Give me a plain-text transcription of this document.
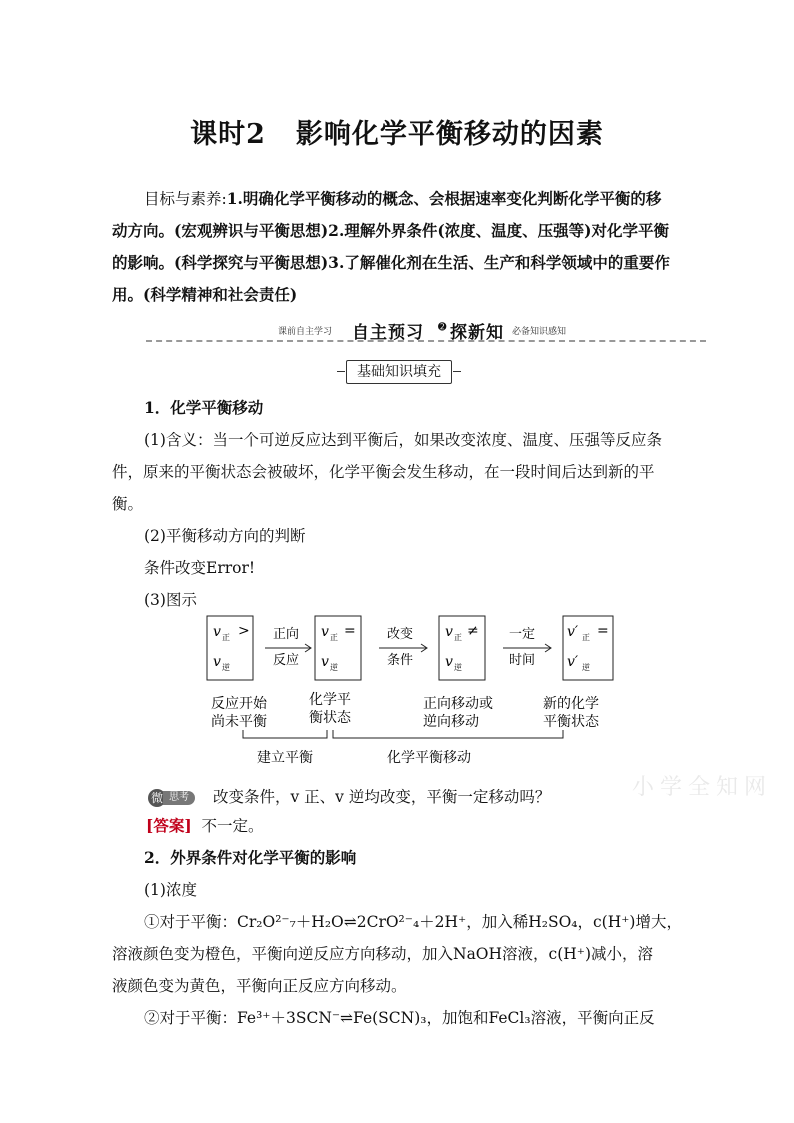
课时2 影响化学平衡移动的因素

目标与素养:1.明确化学平衡移动的概念、会根据速率变化判断化学平衡的移

动方向。(宏观辨识与平衡思想)2.理解外界条件(浓度、温度、压强等)对化学平衡

的影响。(科学探究与平衡思想)3.了解催化剂在生活、生产和科学领域中的重要作

用。(科学精神和社会责任)

课前自主学习 自主预习 ➋ 探新知 必备知识感知
基础知识填充

1．化学平衡移动

(1)含义：当一个可逆反应达到平衡后，如果改变浓度、温度、压强等反应条

件，原来的平衡状态会被破坏，化学平衡会发生移动，在一段时间后达到新的平

衡。

(2)平衡移动方向的判断

条件改变Error!

(3)图示

v 正 >
v 逆
正向
反应
v 正 =
v 逆
改变
条件
v 正 ≠
v 逆
一定
时间
v′ 正 =
v′ 逆
反应开始
尚未平衡
化学平
衡状态
正向移动或
逆向移动
新的化学
平衡状态
建立平衡	化学平衡移动
小学全知网
微 思考	改变条件，v 正、v 逆均改变，平衡一定移动吗？

[答案] 不一定。

2．外界条件对化学平衡的影响

(1)浓度

①对于平衡：Cr₂O²⁻₇＋H₂O⇌2CrO²⁻₄＋2H⁺，加入稀H₂SO₄，c(H⁺)增大，

溶液颜色变为橙色，平衡向逆反应方向移动，加入NaOH溶液，c(H⁺)减小，溶

液颜色变为黄色，平衡向正反应方向移动。

②对于平衡：Fe³⁺＋3SCN⁻⇌Fe(SCN)₃，加饱和FeCl₃溶液，平衡向正反
